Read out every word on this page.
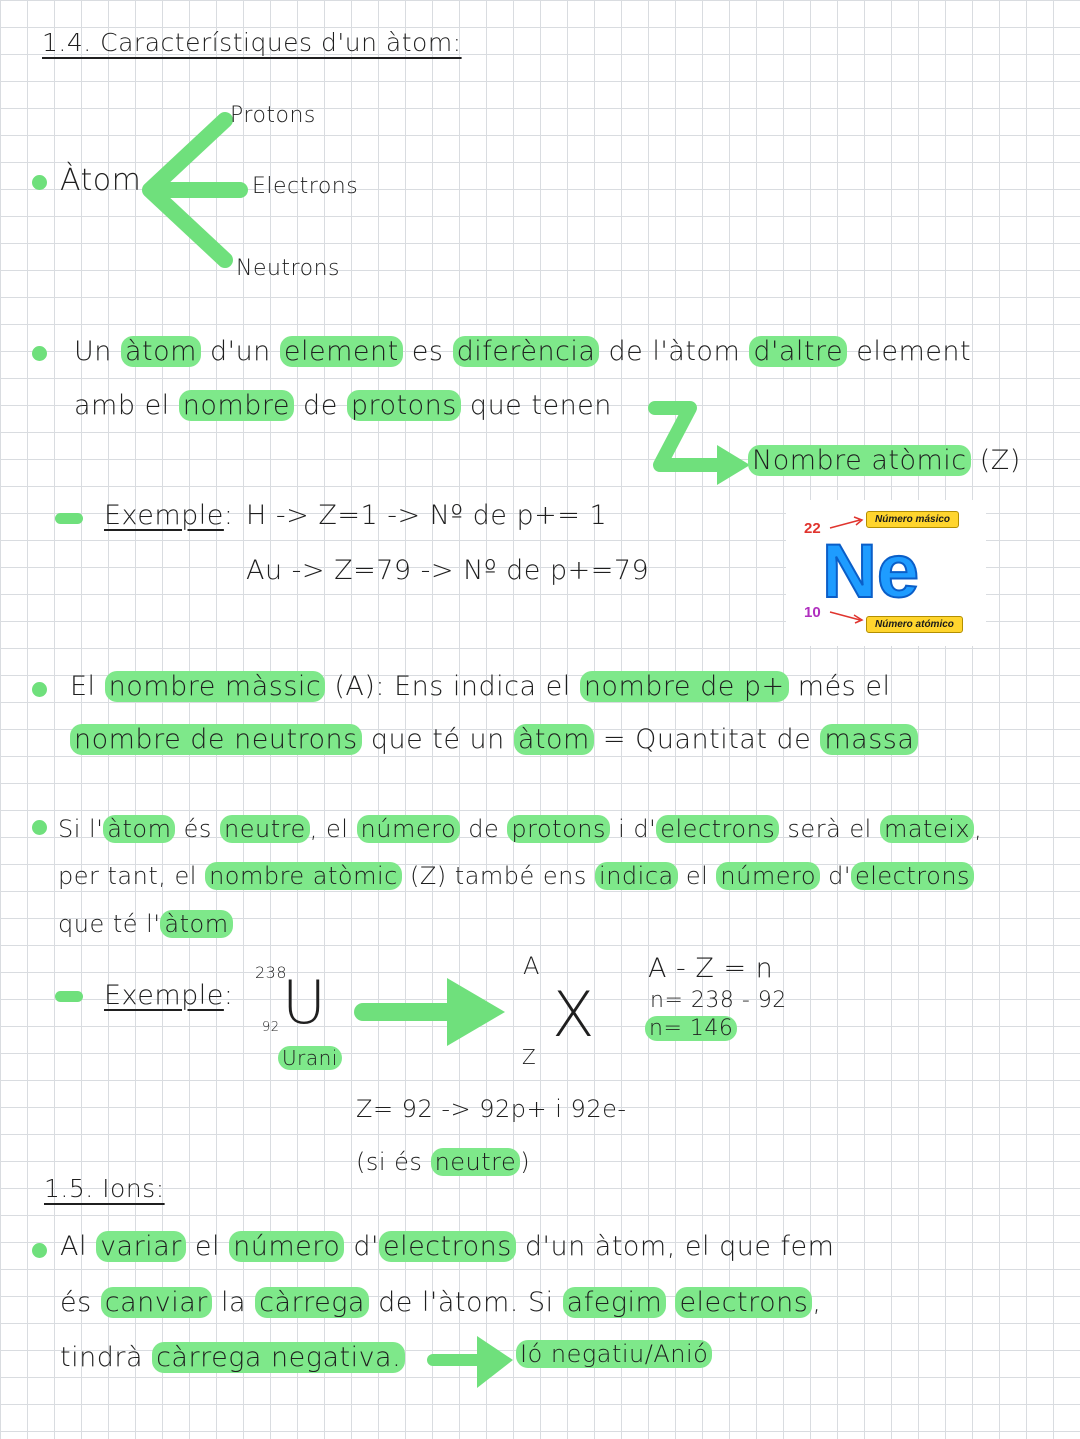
1.4. Característiques d'un àtom:
Àtom
Protons
Electrons
Neutrons
Un àtom d'un element es diferència de l'àtom d'altre element
amb el nombre de protons que tenen
Nombre atòmic (Z)
Exemple: H -> Z=1 -> Nº de p+= 1
Au -> Z=79 -> Nº de p+=79
22
Número másico
Ne
10
Número atómico
El nombre màssic (A): Ens indica el nombre de p+ més el
nombre de neutrons que té un àtom = Quantitat de massa
Si l' àtom és neutre , el número de protons i d' electrons serà el mateix ,
per tant, el nombre atòmic (Z) també ens indica el número d' electrons
que té l' àtom
Exemple:
238
92 U
Urani
A
Z
X
A - Z = n
n= 238 - 92
n= 146
Z= 92 -> 92p+ i 92e-
(si és neutre )
1.5. Ions:
Al variar el número d' electrons d'un àtom, el que fem
és canviar la càrrega de l'àtom. Si afegim electrons ,
tindrà càrrega negativa.	Ió negatiu/Anió
